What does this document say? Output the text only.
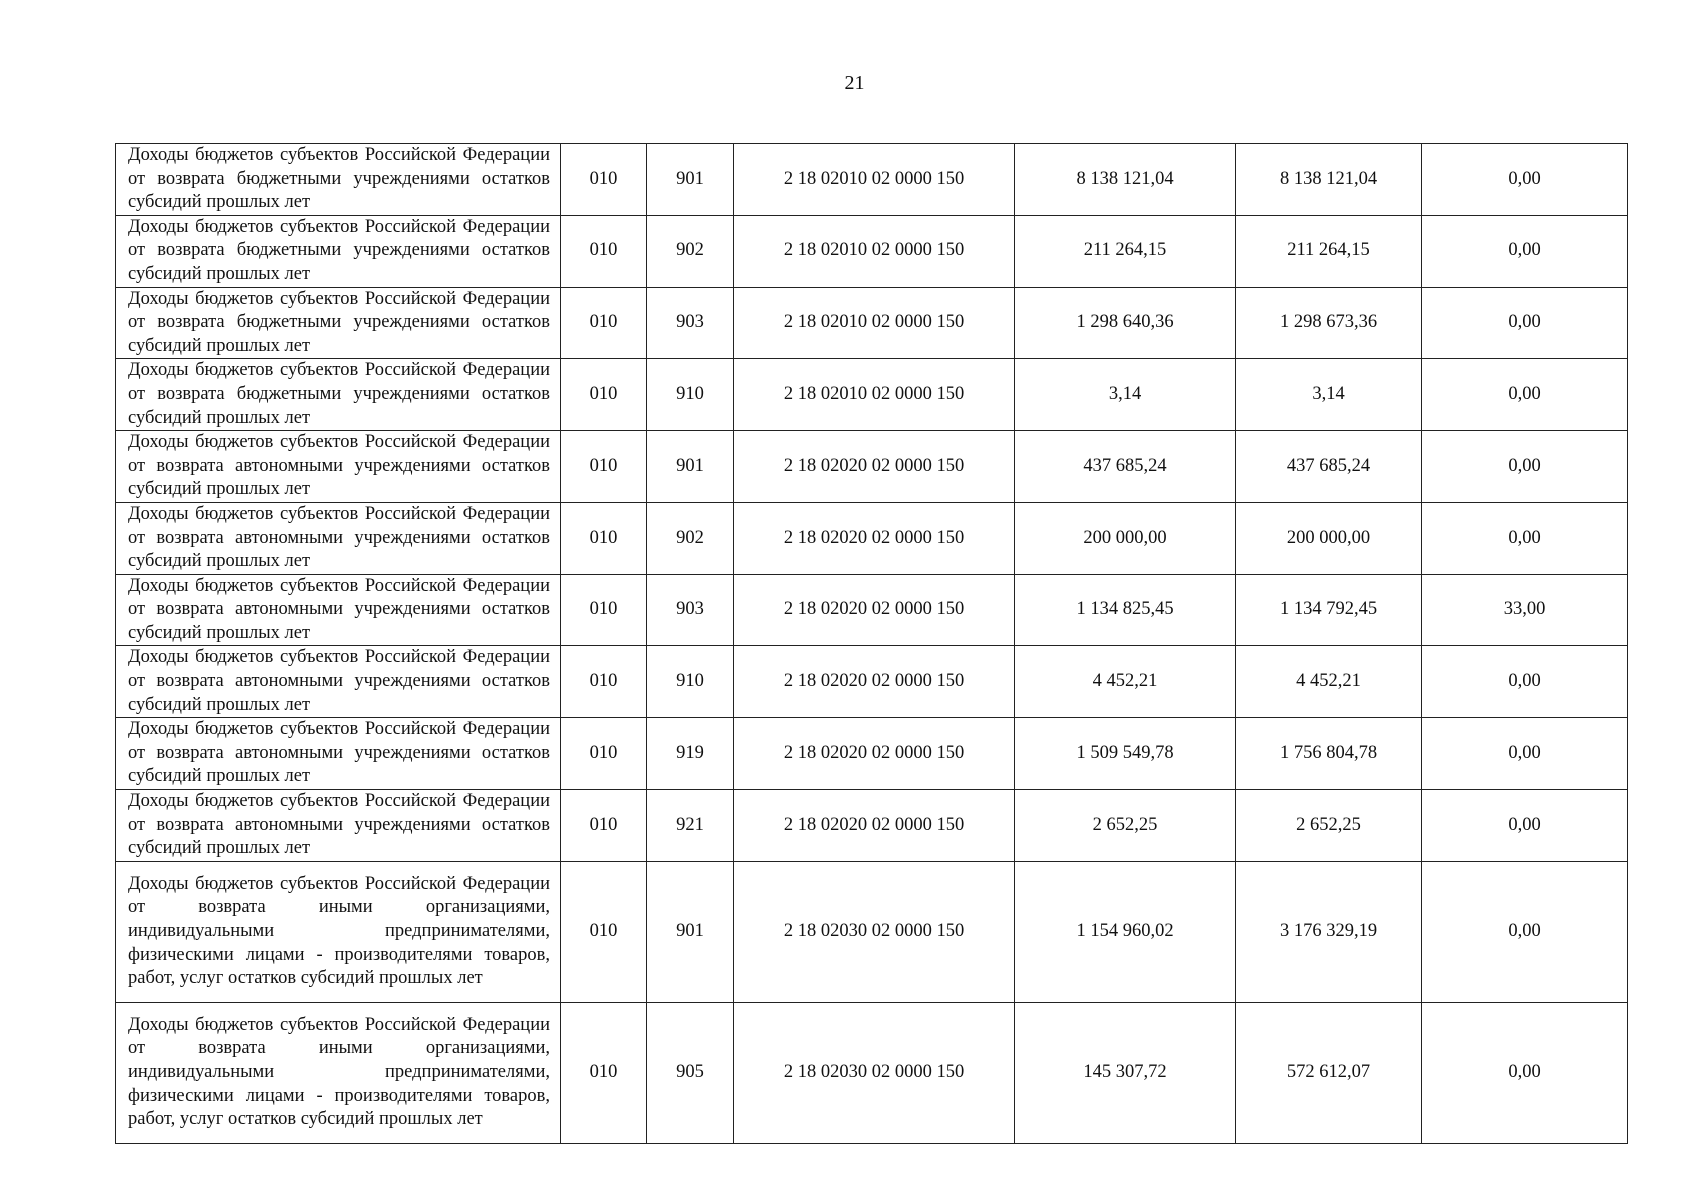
21
Доходы бюджетов субъектов Российской Федерации от возврата бюджетными учреждениями остатков субсидий прошлых лет	010	901	2 18 02010 02 0000 150	8 138 121,04	8 138 121,04	0,00
Доходы бюджетов субъектов Российской Федерации от возврата бюджетными учреждениями остатков субсидий прошлых лет	010	902	2 18 02010 02 0000 150	211 264,15	211 264,15	0,00
Доходы бюджетов субъектов Российской Федерации от возврата бюджетными учреждениями остатков субсидий прошлых лет	010	903	2 18 02010 02 0000 150	1 298 640,36	1 298 673,36	0,00
Доходы бюджетов субъектов Российской Федерации от возврата бюджетными учреждениями остатков субсидий прошлых лет	010	910	2 18 02010 02 0000 150	3,14	3,14	0,00
Доходы бюджетов субъектов Российской Федерации от возврата автономными учреждениями остатков субсидий прошлых лет	010	901	2 18 02020 02 0000 150	437 685,24	437 685,24	0,00
Доходы бюджетов субъектов Российской Федерации от возврата автономными учреждениями остатков субсидий прошлых лет	010	902	2 18 02020 02 0000 150	200 000,00	200 000,00	0,00
Доходы бюджетов субъектов Российской Федерации от возврата автономными учреждениями остатков субсидий прошлых лет	010	903	2 18 02020 02 0000 150	1 134 825,45	1 134 792,45	33,00
Доходы бюджетов субъектов Российской Федерации от возврата автономными учреждениями остатков субсидий прошлых лет	010	910	2 18 02020 02 0000 150	4 452,21	4 452,21	0,00
Доходы бюджетов субъектов Российской Федерации от возврата автономными учреждениями остатков субсидий прошлых лет	010	919	2 18 02020 02 0000 150	1 509 549,78	1 756 804,78	0,00
Доходы бюджетов субъектов Российской Федерации от возврата автономными учреждениями остатков субсидий прошлых лет	010	921	2 18 02020 02 0000 150	2 652,25	2 652,25	0,00
Доходы бюджетов субъектов Российской Федерации от возврата иными организациями, индивидуальными предпринимателями, физическими лицами - производителями товаров, работ, услуг остатков субсидий прошлых лет	010	901	2 18 02030 02 0000 150	1 154 960,02	3 176 329,19	0,00
Доходы бюджетов субъектов Российской Федерации от возврата иными организациями, индивидуальными предпринимателями, физическими лицами - производителями товаров, работ, услуг остатков субсидий прошлых лет	010	905	2 18 02030 02 0000 150	145 307,72	572 612,07	0,00
